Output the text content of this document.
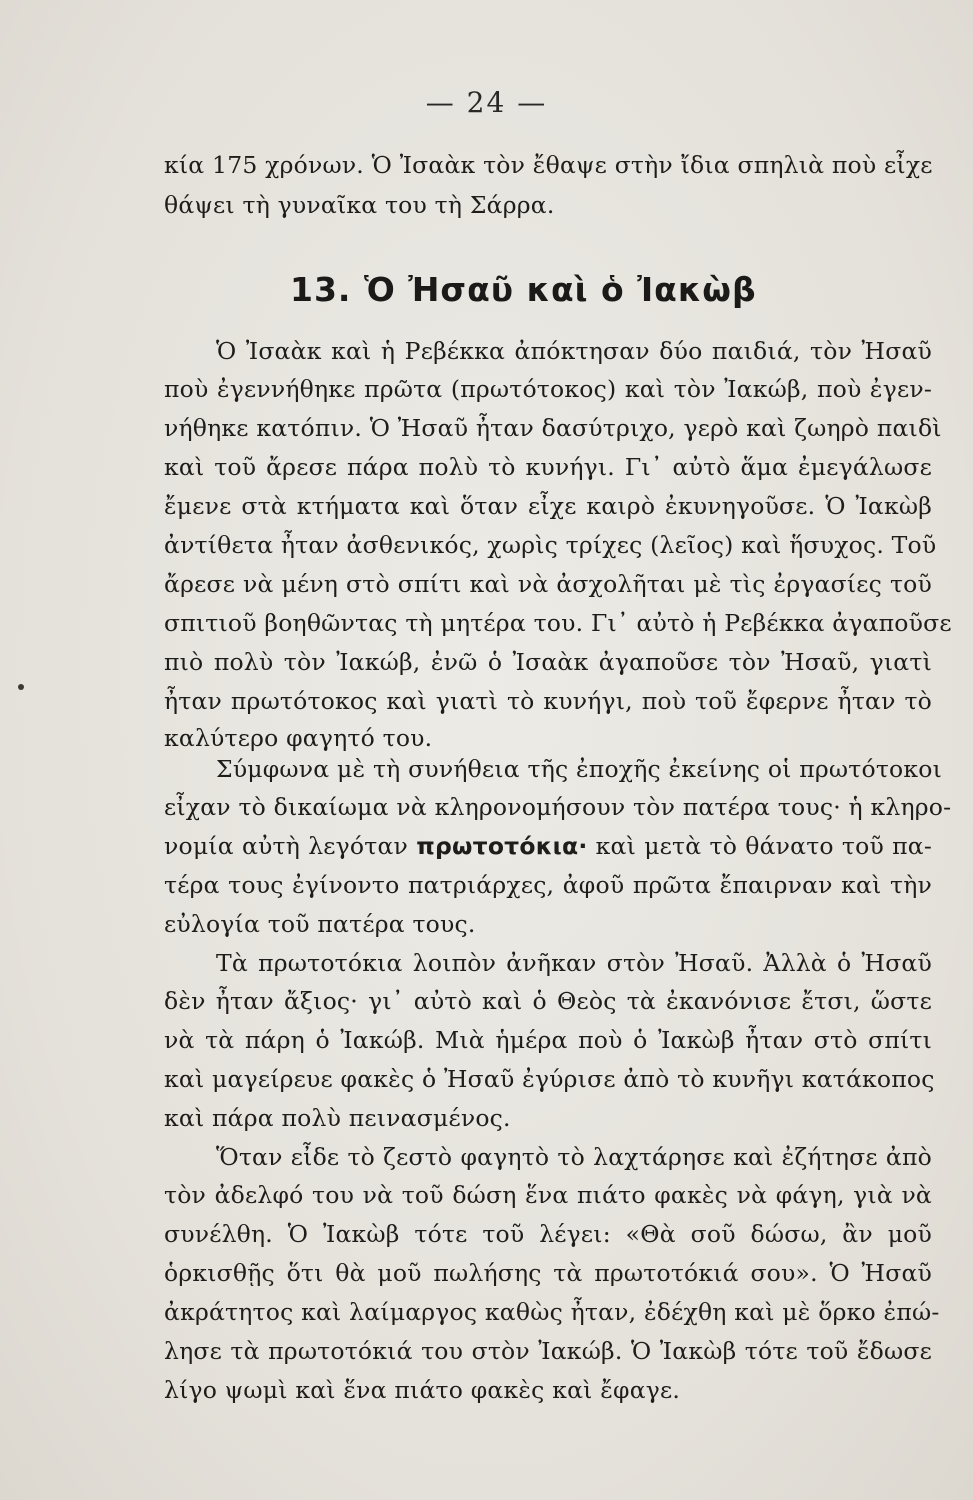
— 24 —
κία 175 χρόνων. Ὁ Ἰσαὰκ τὸν ἔθαψε στὴν ἴδια σπηλιὰ ποὺ εἶχε
θάψει τὴ γυναῖκα του τὴ Σάρρα.
13. Ὁ Ἠσαῦ καὶ ὁ Ἰακὼβ
Ὁ Ἰσαὰκ καὶ ἡ Ρεβέκκα ἀπόκτησαν δύο παιδιά, τὸν Ἠσαῦ
ποὺ ἐγεννήθηκε πρῶτα (πρωτότοκος) καὶ τὸν Ἰακώβ, ποὺ ἐγεν-
νήθηκε κατόπιν. Ὁ Ἠσαῦ ἦταν δασύτριχο, γερὸ καὶ ζωηρὸ παιδὶ
καὶ τοῦ ἄρεσε πάρα πολὺ τὸ κυνήγι. Γι᾿ αὐτὸ ἅμα ἐμεγάλωσε
ἔμενε στὰ κτήματα καὶ ὅταν εἶχε καιρὸ ἐκυνηγοῦσε. Ὁ Ἰακὼβ
ἀντίθετα ἦταν ἀσθενικός, χωρὶς τρίχες (λεῖος) καὶ ἥσυχος. Τοῦ
ἄρεσε νὰ μένη στὸ σπίτι καὶ νὰ ἀσχολῆται μὲ τὶς ἐργασίες τοῦ
σπιτιοῦ βοηθῶντας τὴ μητέρα του. Γι᾿ αὐτὸ ἡ Ρεβέκκα ἀγαποῦσε
πιὸ πολὺ τὸν Ἰακώβ, ἐνῶ ὁ Ἰσαὰκ ἀγαποῦσε τὸν Ἠσαῦ, γιατὶ
ἦταν πρωτότοκος καὶ γιατὶ τὸ κυνήγι, ποὺ τοῦ ἔφερνε ἦταν τὸ
καλύτερο φαγητό του.
Σύμφωνα μὲ τὴ συνήθεια τῆς ἐποχῆς ἐκείνης οἱ πρωτότοκοι
εἶχαν τὸ δικαίωμα νὰ κληρονομήσουν τὸν πατέρα τους· ἡ κληρο-
νομία αὐτὴ λεγόταν πρωτοτόκια· καὶ μετὰ τὸ θάνατο τοῦ πα-
τέρα τους ἐγίνοντο πατριάρχες, ἀφοῦ πρῶτα ἔπαιρναν καὶ τὴν
εὐλογία τοῦ πατέρα τους.
Τὰ πρωτοτόκια λοιπὸν ἀνῆκαν στὸν Ἠσαῦ. Ἀλλὰ ὁ Ἠσαῦ
δὲν ἦταν ἄξιος· γι᾿ αὐτὸ καὶ ὁ Θεὸς τὰ ἐκανόνισε ἔτσι, ὥστε
νὰ τὰ πάρη ὁ Ἰακώβ. Μιὰ ἡμέρα ποὺ ὁ Ἰακὼβ ἦταν στὸ σπίτι
καὶ μαγείρευε φακὲς ὁ Ἠσαῦ ἐγύρισε ἀπὸ τὸ κυνῆγι κατάκοπος
καὶ πάρα πολὺ πεινασμένος.
Ὅταν εἶδε τὸ ζεστὸ φαγητὸ τὸ λαχτάρησε καὶ ἐζήτησε ἀπὸ
τὸν ἀδελφό του νὰ τοῦ δώση ἕνα πιάτο φακὲς νὰ φάγη, γιὰ νὰ
συνέλθη. Ὁ Ἰακὼβ τότε τοῦ λέγει: «Θὰ σοῦ δώσω, ἂν μοῦ
ὁρκισθῇς ὅτι θὰ μοῦ πωλήσης τὰ πρωτοτόκιά σου». Ὁ Ἠσαῦ
ἀκράτητος καὶ λαίμαργος καθὼς ἦταν, ἐδέχθη καὶ μὲ ὅρκο ἐπώ-
λησε τὰ πρωτοτόκιά του στὸν Ἰακώβ. Ὁ Ἰακὼβ τότε τοῦ ἔδωσε
λίγο ψωμὶ καὶ ἕνα πιάτο φακὲς καὶ ἔφαγε.
